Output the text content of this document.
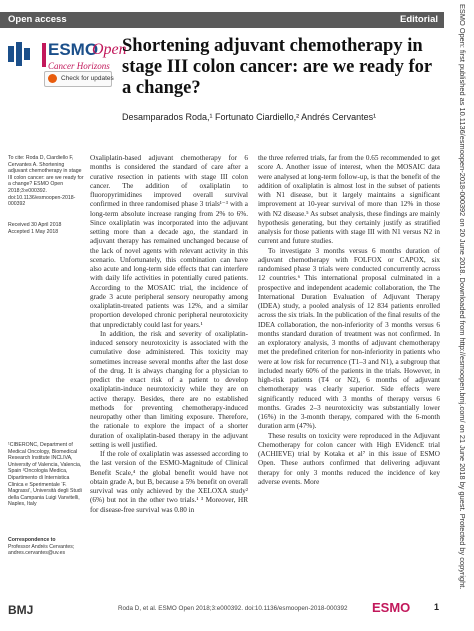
Open access	Editorial
ESMO
Open
Cancer Horizons
Check for updates
Shortening adjuvant chemotherapy in stage III colon cancer: are we ready for a change?
Desamparados Roda,¹ Fortunato Ciardiello,² Andrés Cervantes¹
To cite: Roda D, Ciardiello F, Cervantes A. Shortening adjuvant chemotherapy in stage III colon cancer: are we ready for a change? ESMO Open 2018;3:e000392. doi:10.1136/esmoopen-2018-000392
Received 30 April 2018
Accepted 1 May 2018
¹CIBERONC, Department of Medical Oncology, Biomedical Research Institute INCLIVA, University of Valencia, Valencia, Spain ²Oncologia Medica, Dipartimento di Internistica Clinica e Sperimentale ‘F. Magrassi’, Università degli Studi della Campania Luigi Vanvitelli, Naples, Italy
Correspondence to
Professor Andrés Cervantes; andres.cervantes@uv.es

Oxaliplatin-based adjuvant chemotherapy for 6 months is considered the standard of care after a curative resection in patients with stage III colon cancer. The addition of oxaliplatin to fluoropyrimidines improved overall survival confirmed in three randomised phase 3 trials¹⁻³ with a long-term absolute increase ranging from 2% to 6%. Since oxaliplatin was incorporated into the adjuvant setting more than a decade ago, the standard in adjuvant therapy has remained unchanged because of the lack of novel agents with relevant activity in this scenario. Unfortunately, this combination can have also acute and long-term side effects that can interfere with daily life activities in potentially cured patients. According to the MOSAIC trial, the incidence of grade 3 acute peripheral sensory neuropathy among oxaliplatin-treated patients was 12%, and a similar proportion developed chronic peripheral neurotoxicity that unpredictably could last for years.¹

In addition, the risk and severity of oxaliplatin-induced sensory neurotoxicity is associated with the cumulative dose administered. This toxicity may sometimes increase several months after the last dose of the drug. It is always changing for a physician to predict the exact risk of a patient to develop oxaliplatin-induce neurotoxicity while they are on active therapy. Besides, there are no established methods for preventing chemotherapy-induced neuropathy other than limiting exposure. Therefore, the rationale to explore the impact of a shorter duration of oxaliplatin-based therapy in the adjuvant setting is well justified.

If the role of oxaliplatin was assessed according to the last version of the ESMO-Magnitude of Clinical Benefit Scale,⁴ the global benefit would have not obtain grade A, but B, because a 5% benefit on overall survival was only achieved by the XELOXA study² (6%) but not in the other two trials.¹ ³ Moreover, HR for disease-free survival was 0.80 in

the three referred trials, far from the 0.65 recommended to get score A. Another issue of interest, when the MOSAIC data were analysed at long-term follow-up, is that the benefit of the addition of oxaliplatin is almost lost in the subset of patients with N1 disease, but it largely maintains a significant improvement at 10-year survival of more than 12% in those with N2 disease.⁵ As subset analysis, these findings are mainly hypothesis generating, but they certainly justify as stratified analysis for those patients with stage III with N1 versus N2 in current and future studies.

To investigate 3 months versus 6 months duration of adjuvant chemotherapy with FOLFOX or CAPOX, six randomised phase 3 trials were conducted concurrently across 12 countries.⁶ This international proposal culminated in a prospective and independent academic collaboration, the The International Duration Evaluation of Adjuvant Therapy (IDEA) study, a pooled analysis of 12 834 patients enrolled across the six trials. In the publication of the final results of the IDEA collaboration, the non-inferiority of 3 months versus 6 months standard duration of treatment was not confirmed. In an exploratory analysis, 3 months of adjuvant chemotherapy met the predefined criterion for non-inferiority in patients who were at low risk for recurrence (T1–3 and N1), a subgroup that included nearly 60% of the patients in the trials. However, in high-risk patients (T4 or N2), 6 months of adjuvant chemotherapy was clearly superior. Side effects were significantly reduced with 3 months of therapy versus 6 months. Grades 2–3 neurotoxicity was substantially lower (16%) in the 3-month therapy, compared with the 6-month duration arm (47%).

These results on toxicity were reproduced in the Adjuvant Chemotherapy for colon cancer with High EVidencE trial (ACHIEVE) trial by Kotaka et al⁷ in this issue of ESMO Open. These authors confirmed that delivering adjuvant therapy for only 3 months reduced the incidence of key adverse events. More

BMJ	Roda D, et al. ESMO Open 2018;3:e000392. doi:10.1136/esmoopen-2018-000392 ESMO	1
ESMO Open: first published as 10.1136/esmoopen-2018-000392 on 20 June 2018. Downloaded from http://esmoopen.bmj.com/ on 21 June 2018 by guest. Protected by copyright.
